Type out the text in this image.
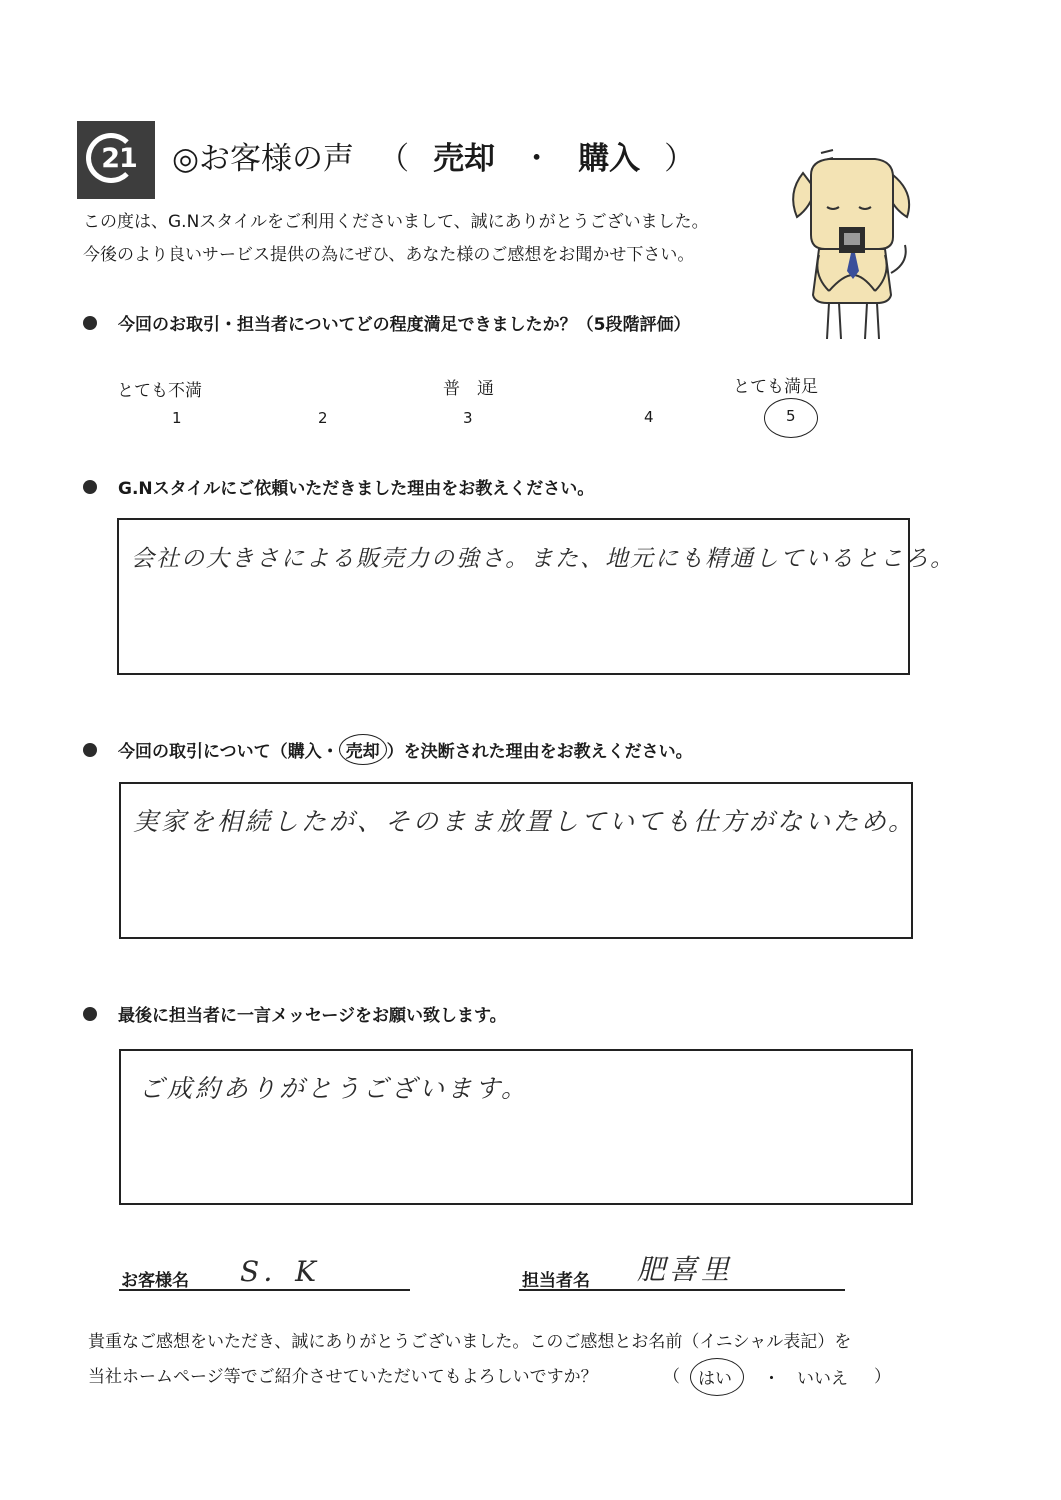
21 ◎お客様の声 （ 売却 ・ 購入 ）
この度は、G.Nスタイルをご利用くださいまして、誠にありがとうございました。
今後のより良いサービス提供の為にぜひ、あなた様のご感想をお聞かせ下さい。
今回のお取引・担当者についてどの程度満足できましたか？（5段階評価）
とても不満	普　通	とても満足
1	2	3	4	5
G.Nスタイルにご依頼いただきました理由をお教えください。
会社の大きさによる販売力の強さ。また、地元にも精通しているところ。
今回の取引について（購入・ 売却 ）を決断された理由をお教えください。
実家を相続したが、そのまま放置していても仕方がないため。
最後に担当者に一言メッセージをお願い致します。
ご成約ありがとうございます。
お客様名 S．K	担当者名 肥喜里
貴重なご感想をいただき、誠にありがとうございました。このご感想とお名前（イニシャル表記）を
当社ホームページ等でご紹介させていただいてもよろしいですか？	（ はい ・ いいえ ）
